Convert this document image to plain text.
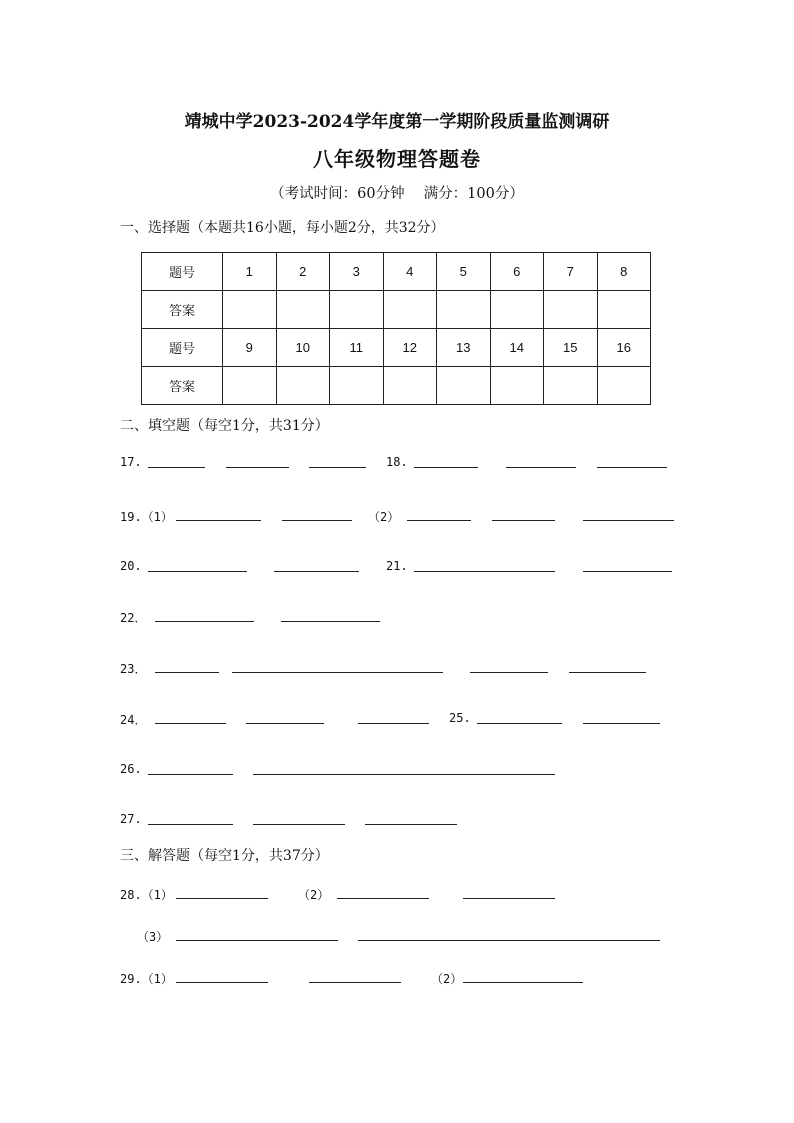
靖城中学2023-2024学年度第一学期阶段质量监测调研
八年级物理答题卷
（考试时间：60分钟　 满分：100分）
一、选择题（本题共16小题，每小题2分，共32分）
题号	1	2	3	4	5	6	7	8
答案								
题号	9	10	11	12	13	14	15	16
答案								
二、填空题（每空1分，共31分）
17.	18.
19.（1）	（2）
20.	21.
22．
23．
24．	25.
26.
27.
三、解答题（每空1分，共37分）
28.（1）	（2）
（3）
29.（1）	（2）
